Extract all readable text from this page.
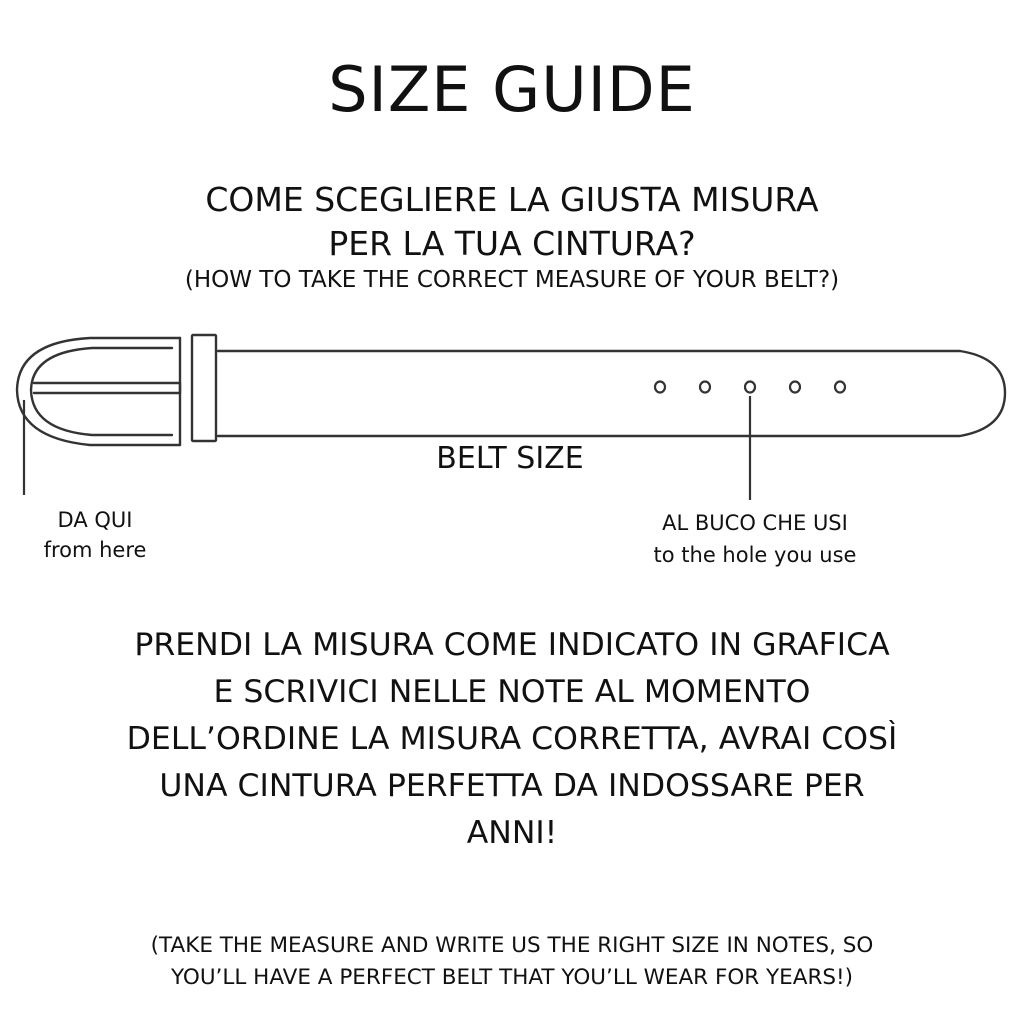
SIZE GUIDE
COME SCEGLIERE LA GIUSTA MISURA
PER LA TUA CINTURA?
(HOW TO TAKE THE CORRECT MEASURE OF YOUR BELT?)
BELT SIZE
DA QUI
from here
AL BUCO CHE USI
to the hole you use
PRENDI LA MISURA COME INDICATO IN GRAFICA
E SCRIVICI NELLE NOTE AL MOMENTO
DELL’ORDINE LA MISURA CORRETTA, AVRAI COSÌ
UNA CINTURA PERFETTA DA INDOSSARE PER
ANNI!
(TAKE THE MEASURE AND WRITE US THE RIGHT SIZE IN NOTES, SO
YOU’LL HAVE A PERFECT BELT THAT YOU’LL WEAR FOR YEARS!)
